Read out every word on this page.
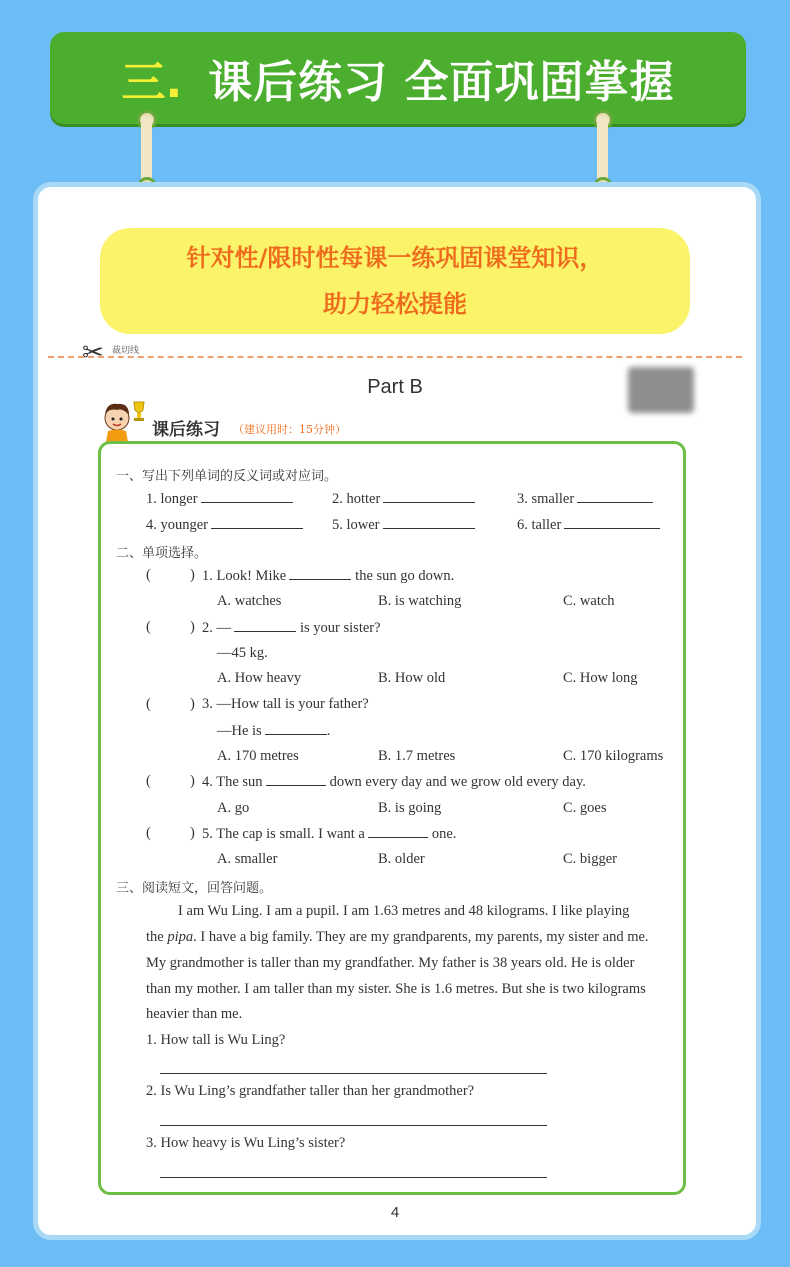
三. 课后练习 全面巩固掌握
针对性/限时性每课一练巩固课堂知识，
助力轻松提能
✂ 裁切线
Part B
课后练习 （建议用时：15分钟）
一、写出下列单词的反义词或对应词。
1. longer	2. hotter	3. smaller
4. younger	5. lower	6. taller
二、单项选择。
(	) 1. Look! Mike	the sun go down.
A. watches	B. is watching	C. watch
(	) 2. —	is your sister?
—45 kg.
A. How heavy	B. How old	C. How long
(	) 3. —How tall is your father?
—He is	.
A. 170 metres	B. 1.7 metres	C. 170 kilograms
(	) 4. The sun	down every day and we grow old every day.
A. go	B. is going	C. goes
(	) 5. The cap is small. I want a	one.
A. smaller	B. older	C. bigger
三、阅读短文，回答问题。
I am Wu Ling. I am a pupil. I am 1.63 metres and 48 kilograms. I like playing
the pipa. I have a big family. They are my grandparents, my parents, my sister and me.
My grandmother is taller than my grandfather. My father is 38 years old. He is older
than my mother. I am taller than my sister. She is 1.6 metres. But she is two kilograms
heavier than me.
1. How tall is Wu Ling?
2. Is Wu Ling’s grandfather taller than her grandmother?
3. How heavy is Wu Ling’s sister?
4
